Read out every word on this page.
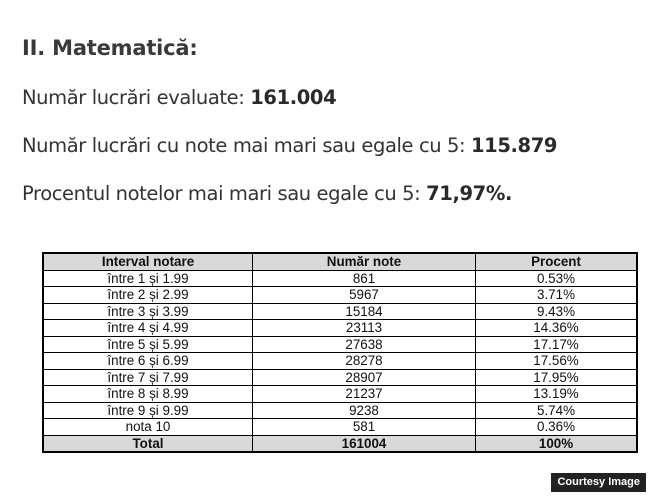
II. Matematică:

Număr lucrări evaluate: 161.004

Număr lucrări cu note mai mari sau egale cu 5: 115.879

Procentul notelor mai mari sau egale cu 5: 71,97%.

Interval notare	Număr note	Procent
între 1 și 1.99	861	0.53%
între 2 și 2.99	5967	3.71%
între 3 și 3.99	15184	9.43%
între 4 și 4.99	23113	14.36%
între 5 și 5.99	27638	17.17%
între 6 și 6.99	28278	17.56%
între 7 și 7.99	28907	17.95%
între 8 și 8.99	21237	13.19%
între 9 și 9.99	9238	5.74%
nota 10	581	0.36%
Total	161004	100%
Courtesy Image
